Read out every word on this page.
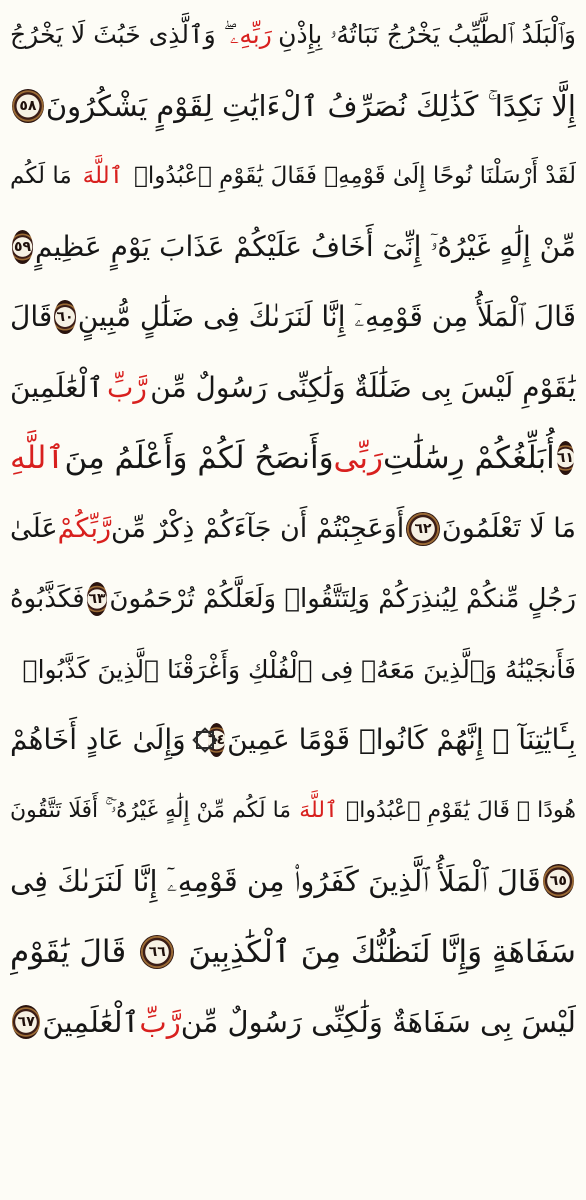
وَٱلْبَلَدُ ٱلطَّيِّبُ يَخْرُجُ نَبَاتُهُۥ بِإِذْنِ
رَبِّهِۦ
ۖ وَٱلَّذِى خَبُثَ لَا يَخْرُجُ
إِلَّا نَكِدًا ۚ كَذَٰلِكَ نُصَرِّفُ ٱلْءَايَٰتِ لِقَوْمٍ يَشْكُرُونَ
٥٨
لَقَدْ أَرْسَلْنَا نُوحًا إِلَىٰ قَوْمِهِۦ فَقَالَ يَٰقَوْمِ ٱعْبُدُوا۟
ٱللَّهَ
مَا لَكُم
مِّنْ إِلَٰهٍ غَيْرُهُۥٓ إِنِّىٓ أَخَافُ عَلَيْكُمْ عَذَابَ يَوْمٍ عَظِيمٍ
٥٩
قَالَ ٱلْمَلَأُ مِن قَوْمِهِۦٓ إِنَّا لَنَرَىٰكَ فِى ضَلَٰلٍ مُّبِينٍ
٦٠
قَالَ
يَٰقَوْمِ لَيْسَ بِى ضَلَٰلَةٌ وَلَٰكِنِّى رَسُولٌ مِّن
رَّبِّ
ٱلْعَٰلَمِينَ
٦١
أُبَلِّغُكُمْ رِسَٰلَٰتِ
رَبِّى
وَأَنصَحُ لَكُمْ وَأَعْلَمُ مِنَ
ٱللَّهِ
مَا لَا تَعْلَمُونَ
٦٢
أَوَعَجِبْتُمْ أَن جَآءَكُمْ ذِكْرٌ مِّن
رَّبِّكُمْ
عَلَىٰ
رَجُلٍ مِّنكُمْ لِيُنذِرَكُمْ وَلِتَتَّقُوا۟ وَلَعَلَّكُمْ تُرْحَمُونَ
٦٣
فَكَذَّبُوهُ
فَأَنجَيْنَٰهُ وَٱلَّذِينَ مَعَهُۥ فِى ٱلْفُلْكِ وَأَغْرَقْنَا ٱلَّذِينَ كَذَّبُوا۟
بِـَٔايَٰتِنَآ ۚ إِنَّهُمْ كَانُوا۟ قَوْمًا عَمِينَ
٦٤
وَإِلَىٰ عَادٍ أَخَاهُمْ
هُودًا ۗ قَالَ يَٰقَوْمِ ٱعْبُدُوا۟
ٱللَّهَ
مَا لَكُم مِّنْ إِلَٰهٍ غَيْرُهُۥٓ ۚ أَفَلَا تَتَّقُونَ
٦٥
قَالَ ٱلْمَلَأُ ٱلَّذِينَ كَفَرُوا۟ مِن قَوْمِهِۦٓ إِنَّا لَنَرَىٰكَ فِى
سَفَاهَةٍ وَإِنَّا لَنَظُنُّكَ مِنَ ٱلْكَٰذِبِينَ
٦٦
قَالَ يَٰقَوْمِ
لَيْسَ بِى سَفَاهَةٌ وَلَٰكِنِّى رَسُولٌ مِّن
رَّبِّ
ٱلْعَٰلَمِينَ
٦٧
